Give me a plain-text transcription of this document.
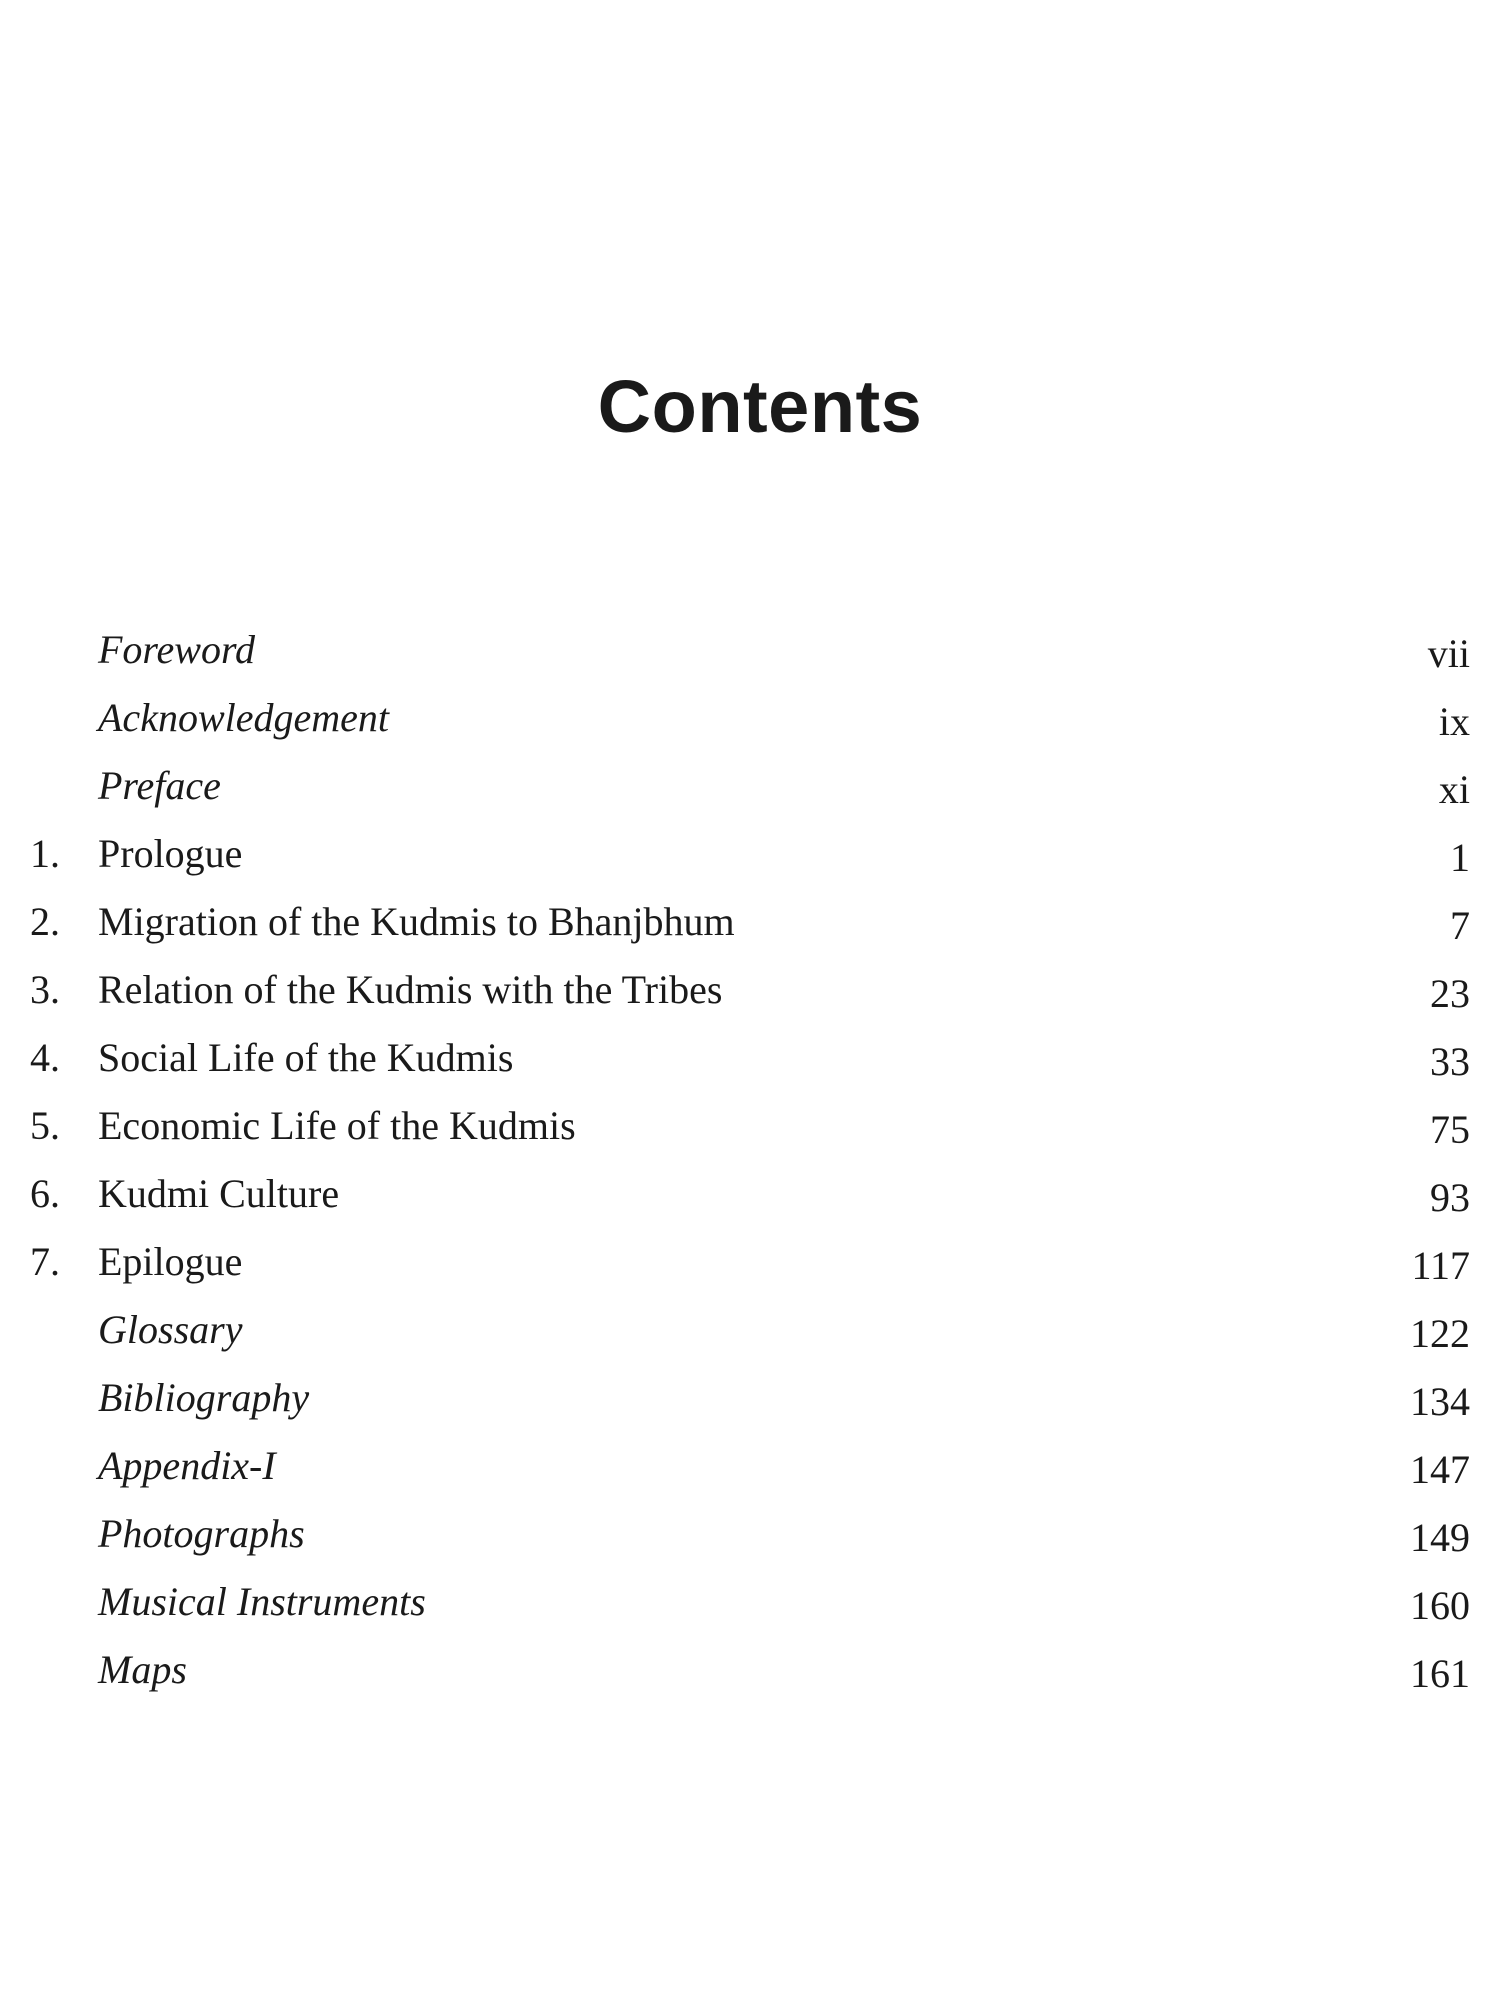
Contents
Foreword	vii
Acknowledgement	ix
Preface	xi
1. Prologue	1
2. Migration of the Kudmis to Bhanjbhum	7
3. Relation of the Kudmis with the Tribes	23
4. Social Life of the Kudmis	33
5. Economic Life of the Kudmis	75
6. Kudmi Culture	93
7. Epilogue	117
Glossary	122
Bibliography	134
Appendix-I	147
Photographs	149
Musical Instruments	160
Maps	161
